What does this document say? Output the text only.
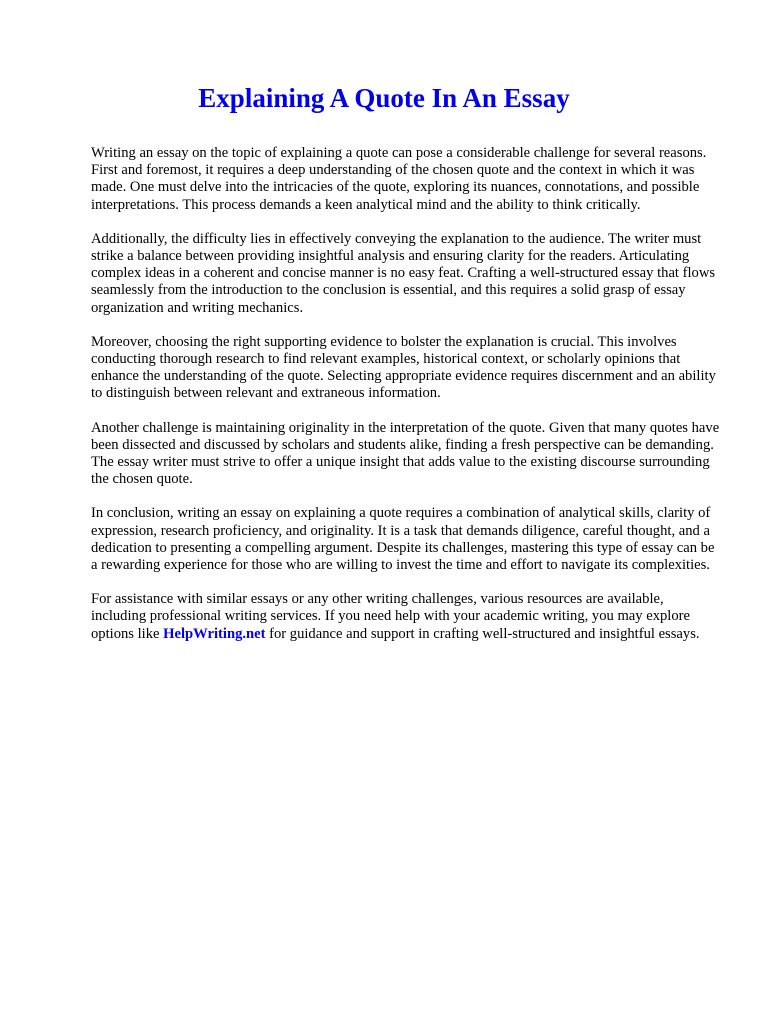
Explaining A Quote In An Essay

Writing an essay on the topic of explaining a quote can pose a considerable challenge for several reasons. First and foremost, it requires a deep understanding of the chosen quote and the context in which it was made. One must delve into the intricacies of the quote, exploring its nuances, connotations, and possible interpretations. This process demands a keen analytical mind and the ability to think critically.

Additionally, the difficulty lies in effectively conveying the explanation to the audience. The writer must strike a balance between providing insightful analysis and ensuring clarity for the readers. Articulating complex ideas in a coherent and concise manner is no easy feat. Crafting a well-structured essay that flows seamlessly from the introduction to the conclusion is essential, and this requires a solid grasp of essay organization and writing mechanics.

Moreover, choosing the right supporting evidence to bolster the explanation is crucial. This involves conducting thorough research to find relevant examples, historical context, or scholarly opinions that enhance the understanding of the quote. Selecting appropriate evidence requires discernment and an ability to distinguish between relevant and extraneous information.

Another challenge is maintaining originality in the interpretation of the quote. Given that many quotes have been dissected and discussed by scholars and students alike, finding a fresh perspective can be demanding. The essay writer must strive to offer a unique insight that adds value to the existing discourse surrounding the chosen quote.

In conclusion, writing an essay on explaining a quote requires a combination of analytical skills, clarity of expression, research proficiency, and originality. It is a task that demands diligence, careful thought, and a dedication to presenting a compelling argument. Despite its challenges, mastering this type of essay can be a rewarding experience for those who are willing to invest the time and effort to navigate its complexities.

For assistance with similar essays or any other writing challenges, various resources are available, including professional writing services. If you need help with your academic writing, you may explore options like HelpWriting.net for guidance and support in crafting well-structured and insightful essays.
